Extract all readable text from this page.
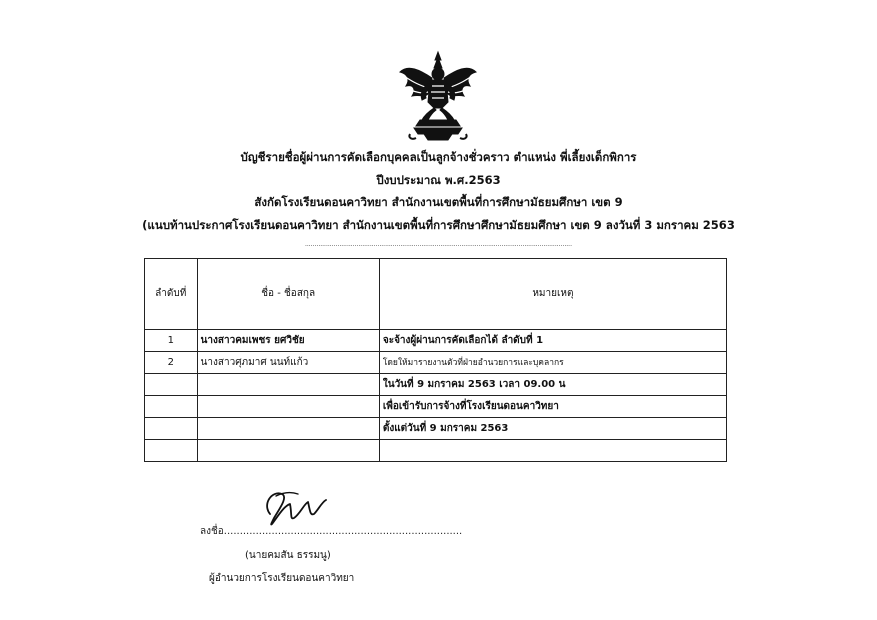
บัญชีรายชื่อผู้ผ่านการคัดเลือกบุคคลเป็นลูกจ้างชั่วคราว ตำแหน่ง พี่เลี้ยงเด็กพิการ
ปีงบประมาณ พ.ศ.2563
สังกัดโรงเรียนดอนคาวิทยา สำนักงานเขตพื้นที่การศึกษามัธยมศึกษา เขต 9
(แนบท้านประกาศโรงเรียนดอนคาวิทยา สำนักงานเขตพื้นที่การศึกษาศึกษามัธยมศึกษา เขต 9 ลงวันที่ 3 มกราคม 2563
............................................................................................................................................
ลำดับที่	ชื่อ - ชื่อสกุล	หมายเหตุ
1	นางสาวคมเพชร ยศวิชัย	จะจ้างผู้ผ่านการคัดเลือกได้ ลำดับที่ 1
2	นางสาวศุภมาศ นนท์แก้ว	โดยให้มารายงานตัวที่ฝ่ายอำนวยการและบุคลากร
		ในวันที่ 9 มกราคม 2563 เวลา 09.00 น
		เพื่อเข้ารับการจ้างที่โรงเรียนดอนคาวิทยา
		ตั้งแต่วันที่ 9 มกราคม 2563

ลงชื่อ...........................................................................
(นายคมสัน ธรรมนู)
ผู้อำนวยการโรงเรียนดอนคาวิทยา
